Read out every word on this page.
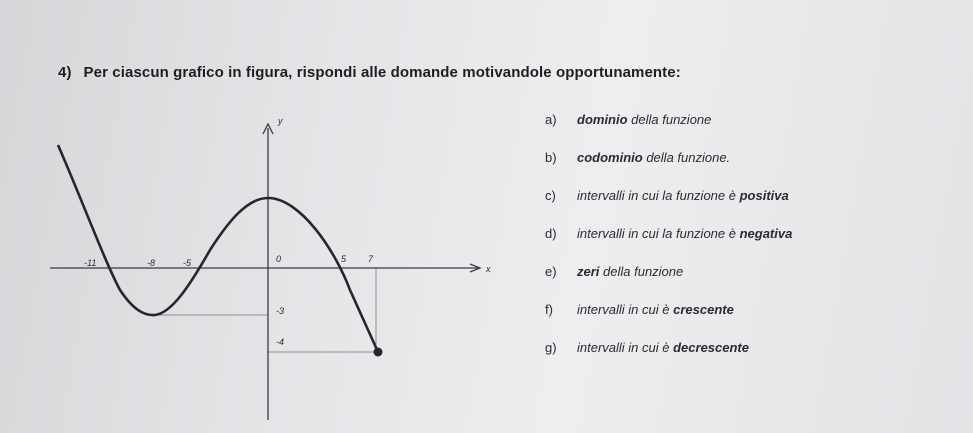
4) Per ciascun grafico in figura, rispondi alle domande motivandole opportunamente:
x
y
-11	-8	-5	0	5 7
-3
-4
a) dominio della funzione
b) codominio della funzione.
c) intervalli in cui la funzione è positiva
d) intervalli in cui la funzione è negativa
e) zeri della funzione
f) intervalli in cui è crescente
g) intervalli in cui è decrescente
